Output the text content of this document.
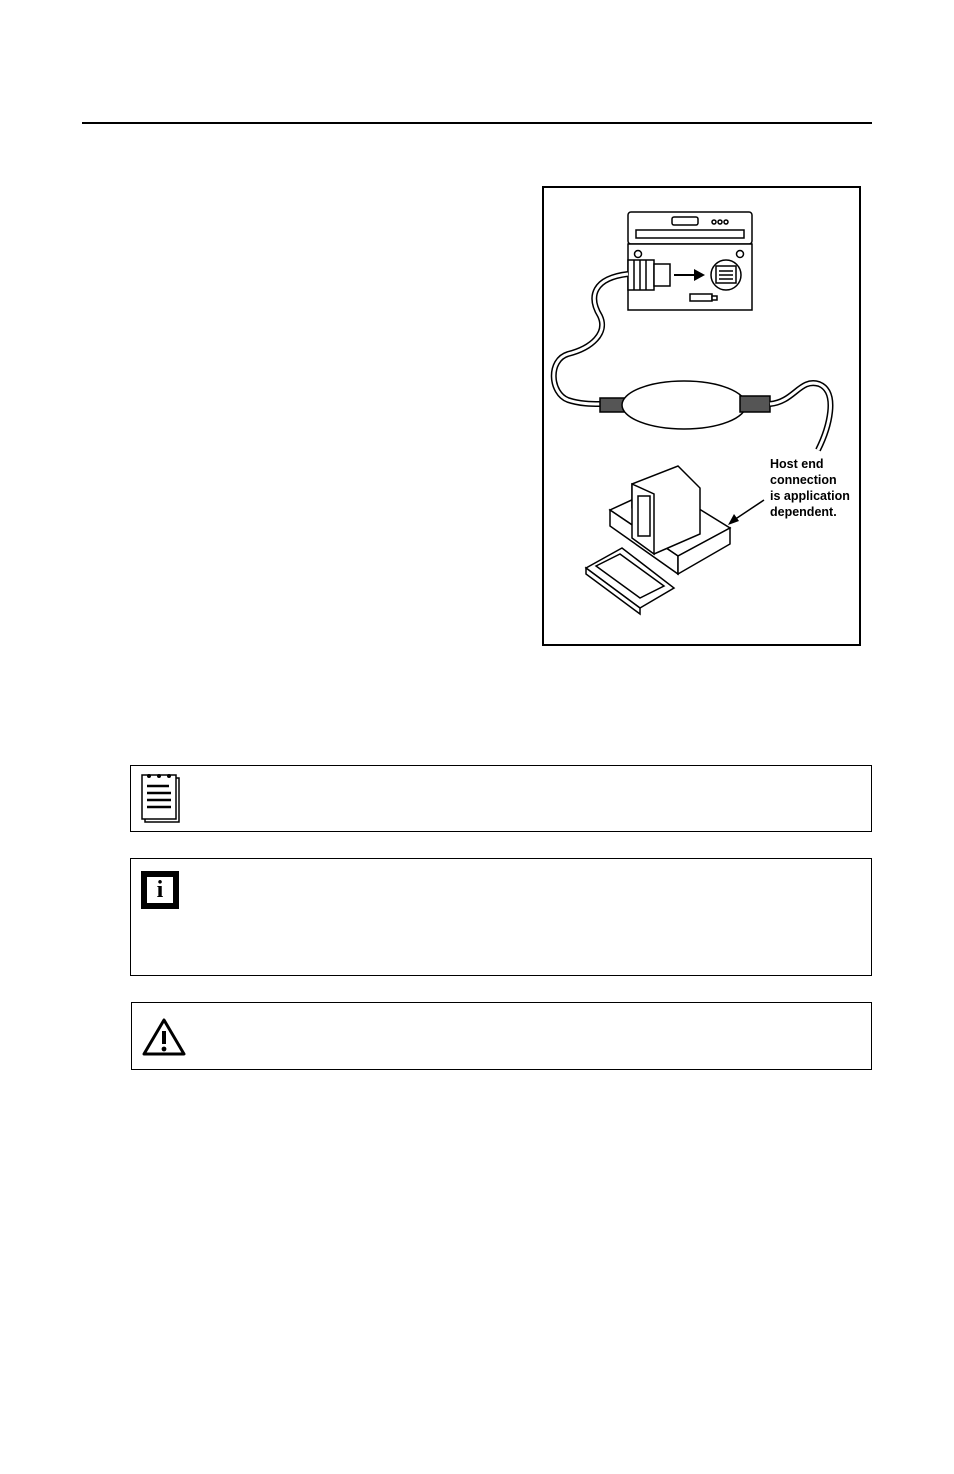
Host end
connection
is application
dependent.
i
